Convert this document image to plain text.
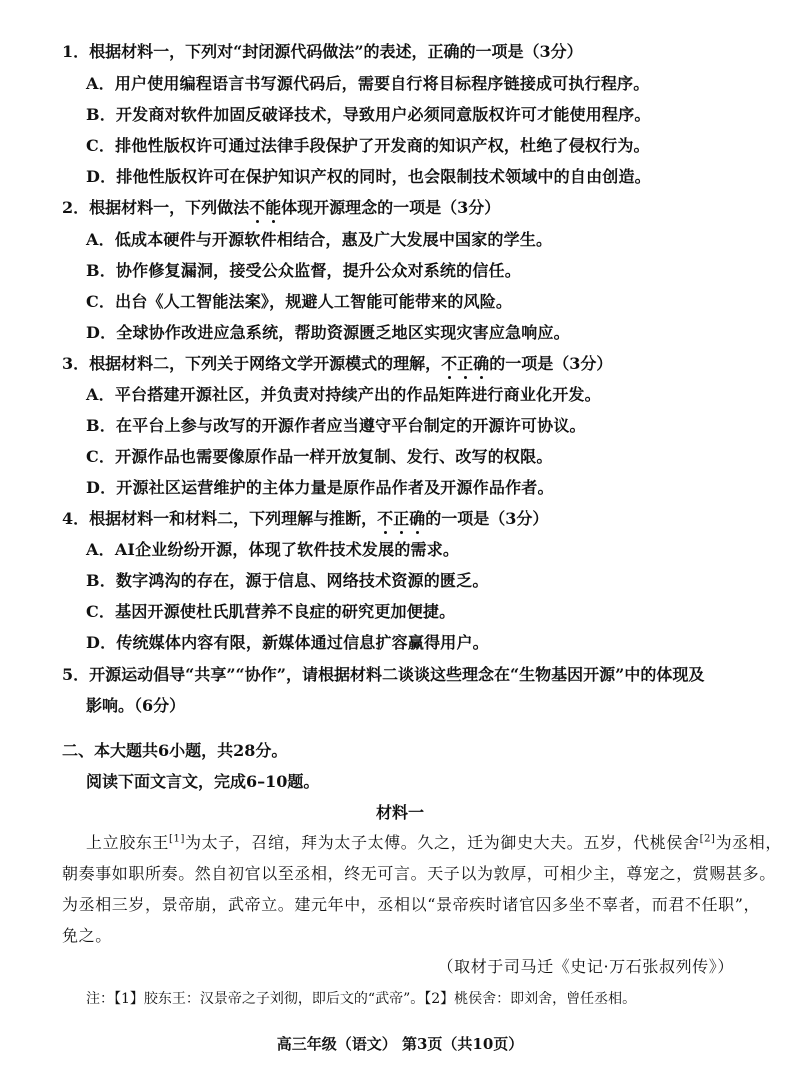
1．根据材料一，下列对“封闭源代码做法”的表述，正确的一项是（3分）
A．用户使用编程语言书写源代码后，需要自行将目标程序链接成可执行程序。
B．开发商对软件加固反破译技术，导致用户必须同意版权许可才能使用程序。
C．排他性版权许可通过法律手段保护了开发商的知识产权，杜绝了侵权行为。
D．排他性版权许可在保护知识产权的同时，也会限制技术领域中的自由创造。
2．根据材料一，下列做法不能体现开源理念的一项是（3分）
A．低成本硬件与开源软件相结合，惠及广大发展中国家的学生。
B．协作修复漏洞，接受公众监督，提升公众对系统的信任。
C．出台《人工智能法案》，规避人工智能可能带来的风险。
D．全球协作改进应急系统，帮助资源匮乏地区实现灾害应急响应。
3．根据材料二，下列关于网络文学开源模式的理解，不正确的一项是（3分）
A．平台搭建开源社区，并负责对持续产出的作品矩阵进行商业化开发。
B．在平台上参与改写的开源作者应当遵守平台制定的开源许可协议。
C．开源作品也需要像原作品一样开放复制、发行、改写的权限。
D．开源社区运营维护的主体力量是原作品作者及开源作品作者。
4．根据材料一和材料二，下列理解与推断，不正确的一项是（3分）
A．AI企业纷纷开源，体现了软件技术发展的需求。
B．数字鸿沟的存在，源于信息、网络技术资源的匮乏。
C．基因开源使杜氏肌营养不良症的研究更加便捷。
D．传统媒体内容有限，新媒体通过信息扩容赢得用户。
5．开源运动倡导“共享”“协作”，请根据材料二谈谈这些理念在“生物基因开源”中的体现及
影响。（6分）
二、本大题共6小题，共28分。
阅读下面文言文，完成6–10题。
材料一
上立胶东王[1]为太子，召绾，拜为太子太傅。久之，迁为御史大夫。五岁，代桃侯舍[2]为丞相，
朝奏事如职所奏。然自初官以至丞相，终无可言。天子以为敦厚，可相少主，尊宠之，赏赐甚多。
为丞相三岁，景帝崩，武帝立。建元年中，丞相以“景帝疾时诸官囚多坐不辜者，而君不任职”，
免之。
（取材于司马迁《史记·万石张叔列传》）
注：【1】胶东王：汉景帝之子刘彻，即后文的“武帝”。【2】桃侯舍：即刘舍，曾任丞相。
高三年级（语文） 第3页（共10页）
